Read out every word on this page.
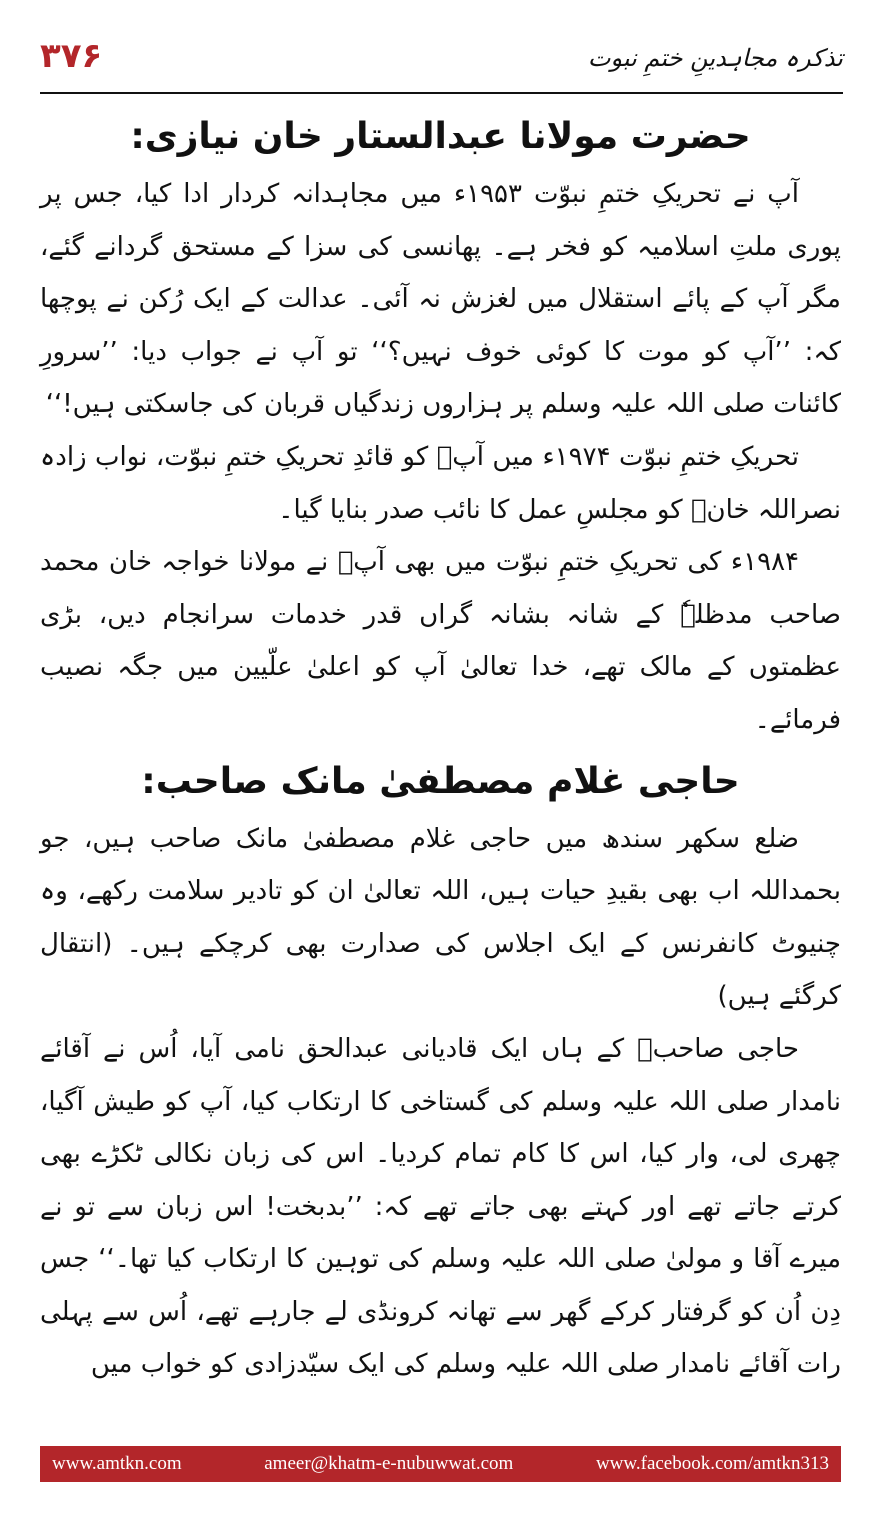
۳۷۶	تذکرہ مجاہدینِ ختمِ نبوت
حضرت مولانا عبدالستار خان نیازی:

آپ نے تحریکِ ختمِ نبوّت ۱۹۵۳ء میں مجاہدانہ کردار ادا کیا، جس پر پوری ملتِ اسلامیہ کو فخر ہے۔ پھانسی کی سزا کے مستحق گردانے گئے، مگر آپ کے پائے استقلال میں لغزش نہ آئی۔ عدالت کے ایک رُکن نے پوچھا کہ: ’’آپ کو موت کا کوئی خوف نہیں؟‘‘ تو آپ نے جواب دیا: ’’سرورِ کائنات صلی اللہ علیہ وسلم پر ہزاروں زندگیاں قربان کی جاسکتی ہیں!‘‘

تحریکِ ختمِ نبوّت ۱۹۷۴ء میں آپؒ کو قائدِ تحریکِ ختمِ نبوّت، نواب زادہ نصراللہ خانؒ کو مجلسِ عمل کا نائب صدر بنایا گیا۔

۱۹۸۴ء کی تحریکِ ختمِ نبوّت میں بھی آپؒ نے مولانا خواجہ خان محمد صاحب مدظلہٗ کے شانہ بشانہ گراں قدر خدمات سرانجام دیں، بڑی عظمتوں کے مالک تھے، خدا تعالیٰ آپ کو اعلیٰ علّیین میں جگہ نصیب فرمائے۔

حاجی غلام مصطفیٰ مانک صاحب:

ضلع سکھر سندھ میں حاجی غلام مصطفیٰ مانک صاحب ہیں، جو بحمداللہ اب بھی بقیدِ حیات ہیں، اللہ تعالیٰ ان کو تادیر سلامت رکھے، وہ چنیوٹ کانفرنس کے ایک اجلاس کی صدارت بھی کرچکے ہیں۔ (انتقال کرگئے ہیں)

حاجی صاحبؒ کے ہاں ایک قادیانی عبدالحق نامی آیا، اُس نے آقائے نامدار صلی اللہ علیہ وسلم کی گستاخی کا ارتکاب کیا، آپ کو طیش آگیا، چھری لی، وار کیا، اس کا کام تمام کردیا۔ اس کی زبان نکالی ٹکڑے بھی کرتے جاتے تھے اور کہتے بھی جاتے تھے کہ: ’’بدبخت! اس زبان سے تو نے میرے آقا و مولیٰ صلی اللہ علیہ وسلم کی توہین کا ارتکاب کیا تھا۔‘‘ جس دِن اُن کو گرفتار کرکے گھر سے تھانہ کرونڈی لے جارہے تھے، اُس سے پہلی رات آقائے نامدار صلی اللہ علیہ وسلم کی ایک سیّدزادی کو خواب میں

www.amtkn.com	ameer@khatm-e-nubuwwat.com	www.facebook.com/amtkn313
